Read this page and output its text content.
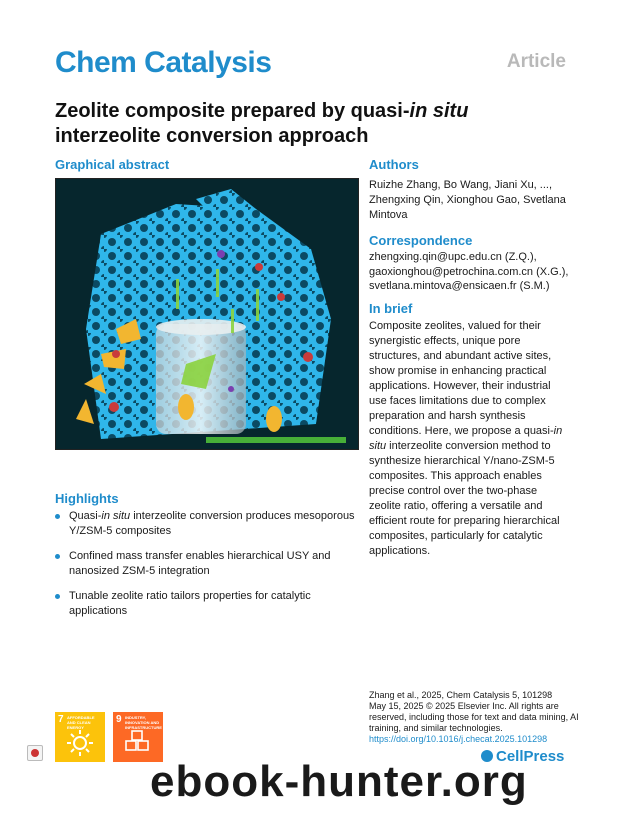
Chem Catalysis	Article
Zeolite composite prepared by quasi-in situ
interzeolite conversion approach
Graphical abstract
Highlights
Quasi-in situ interzeolite conversion produces mesoporous Y/ZSM-5 composites
Confined mass transfer enables hierarchical USY and nanosized ZSM-5 integration
Tunable zeolite ratio tailors properties for catalytic applications
Authors
Ruizhe Zhang, Bo Wang, Jiani Xu, ..., Zhengxing Qin, Xionghou Gao, Svetlana Mintova
Correspondence
zhengxing.qin@upc.edu.cn (Z.Q.),
gaoxionghou@petrochina.com.cn (X.G.),
svetlana.mintova@ensicaen.fr (S.M.)
In brief
Composite zeolites, valued for their synergistic effects, unique pore structures, and abundant active sites, show promise in enhancing practical applications. However, their industrial use faces limitations due to complex preparation and harsh synthesis conditions. Here, we propose a quasi-in situ interzeolite conversion method to synthesize hierarchical Y/nano-ZSM-5 composites. This approach enables precise control over the two-phase zeolite ratio, offering a versatile and efficient route for preparing hierarchical composites, particularly for catalytic applications.
Zhang et al., 2025, Chem Catalysis 5, 101298
May 15, 2025 © 2025 Elsevier Inc. All rights are reserved, including those for text and data mining, AI training, and similar technologies.
https://doi.org/10.1016/j.checat.2025.101298
7 AFFORDABLE AND CLEAN ENERGY
9 INDUSTRY, INNOVATION AND INFRASTRUCTURE
CellPress
ebook-hunter.org
